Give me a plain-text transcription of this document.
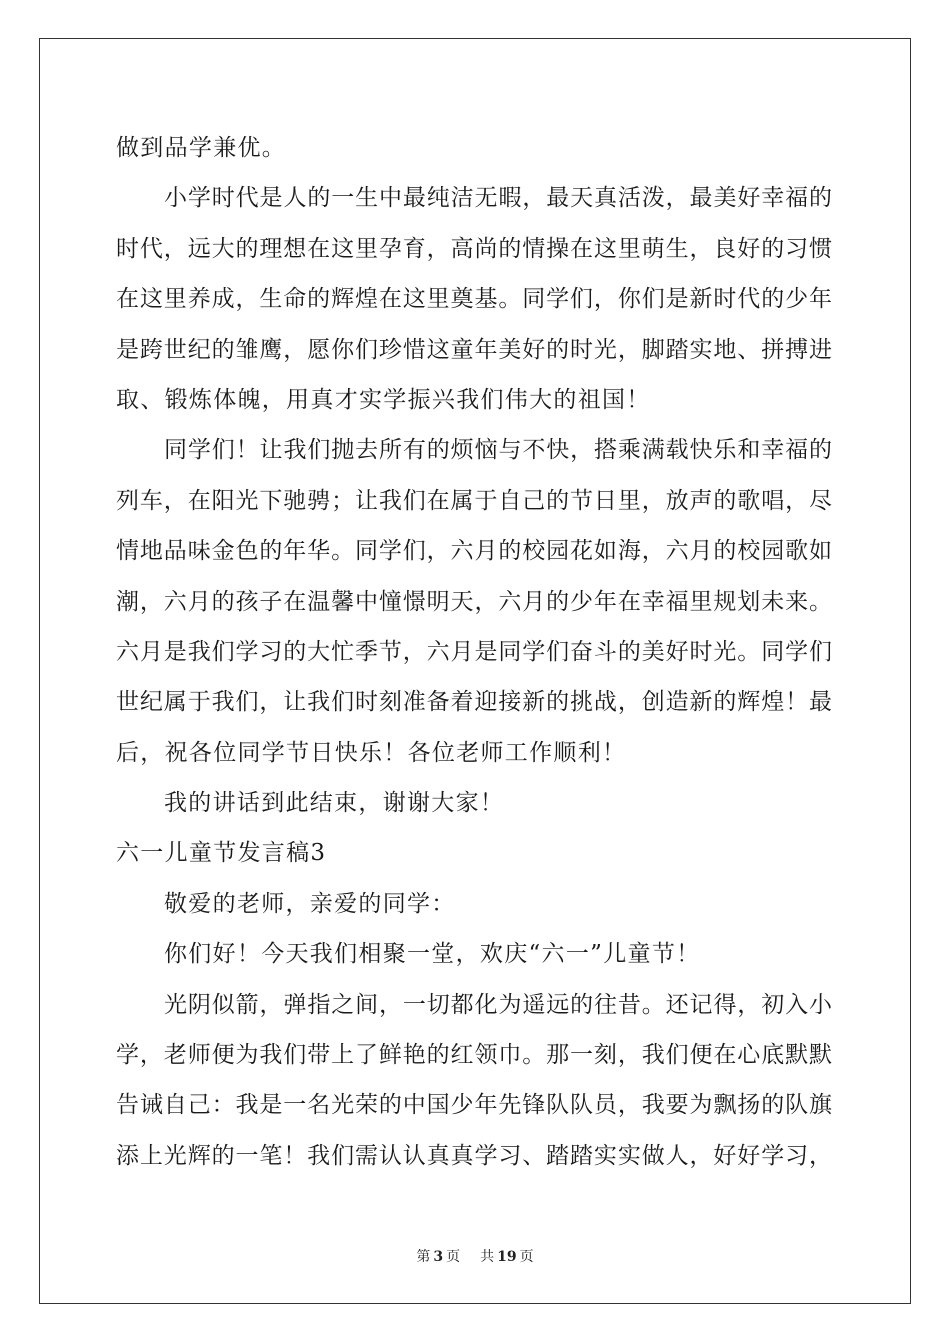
做到品学兼优。
小学时代是人的一生中最纯洁无暇，最天真活泼，最美好幸福的
时代，远大的理想在这里孕育，高尚的情操在这里萌生，良好的习惯
在这里养成，生命的辉煌在这里奠基。同学们，你们是新时代的少年
是跨世纪的雏鹰，愿你们珍惜这童年美好的时光，脚踏实地、拼搏进
取、锻炼体魄，用真才实学振兴我们伟大的祖国！
同学们！让我们抛去所有的烦恼与不快，搭乘满载快乐和幸福的
列车，在阳光下驰骋；让我们在属于自己的节日里，放声的歌唱，尽
情地品味金色的年华。同学们，六月的校园花如海，六月的校园歌如
潮，六月的孩子在温馨中憧憬明天，六月的少年在幸福里规划未来。
六月是我们学习的大忙季节，六月是同学们奋斗的美好时光。同学们
世纪属于我们，让我们时刻准备着迎接新的挑战，创造新的辉煌！最
后，祝各位同学节日快乐！各位老师工作顺利！
我的讲话到此结束，谢谢大家！
六一儿童节发言稿3
敬爱的老师，亲爱的同学：
你们好！今天我们相聚一堂，欢庆“六一”儿童节！
光阴似箭，弹指之间，一切都化为遥远的往昔。还记得，初入小
学，老师便为我们带上了鲜艳的红领巾。那一刻，我们便在心底默默
告诫自己：我是一名光荣的中国少年先锋队队员，我要为飘扬的队旗
添上光辉的一笔！我们需认认真真学习、踏踏实实做人，好好学习，
第 3 页 共 19 页
